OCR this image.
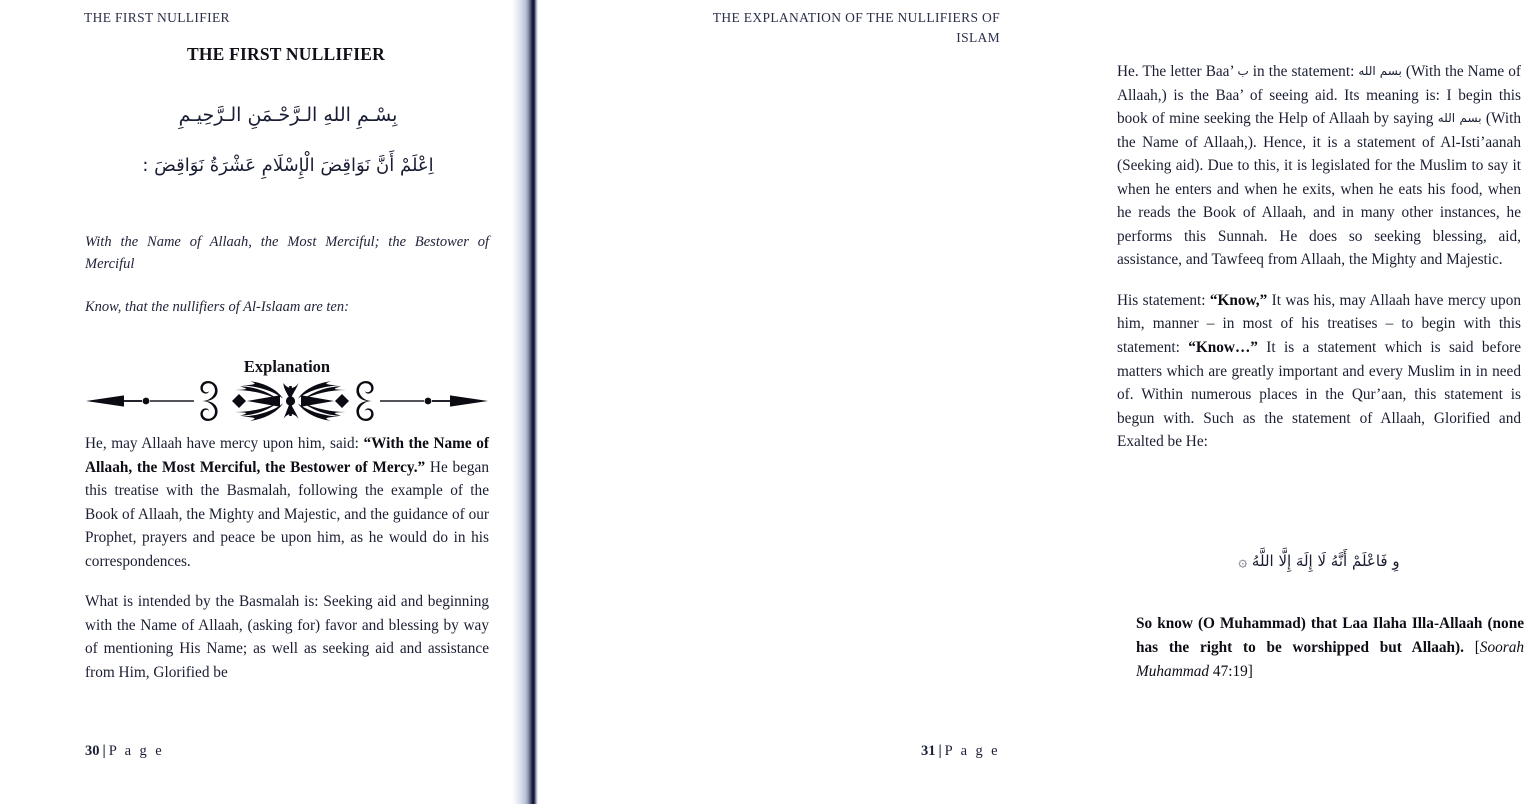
THE FIRST NULLIFIER
THE FIRST NULLIFIER
بِسْـمِ اللهِ الـرَّحْـمَنِ الـرَّحِيـمِ
اِعْلَمْ أَنَّ نَوَاقِضَ الْإِسْلَامِ عَشْرَةُ نَوَاقِضَ :
With the Name of Allaah, the Most Merciful; the Bestower of Merciful
Know, that the nullifiers of Al-Islaam are ten:
Explanation

He, may Allaah have mercy upon him, said: “With the Name of Allaah, the Most Merciful, the Bestower of Mercy.” He began this treatise with the Basmalah, following the example of the Book of Allaah, the Mighty and Majestic, and the guidance of our Prophet, prayers and peace be upon him, as he would do in his correspondences.

What is intended by the Basmalah is: Seeking aid and beginning with the Name of Allaah, (asking for) favor and blessing by way of mentioning His Name; as well as seeking aid and assistance from Him, Glorified be

30 | P a g e
THE EXPLANATION OF THE NULLIFIERS OF ISLAM

He. The letter Baa’ ب in the statement: بسم الله (With the Name of Allaah,) is the Baa’ of seeing aid. Its meaning is: I begin this book of mine seeking the Help of Allaah by saying بسم الله (With the Name of Allaah,). Hence, it is a statement of Al-Isti’aanah (Seeking aid). Due to this, it is legislated for the Muslim to say it when he enters and when he exits, when he eats his food, when he reads the Book of Allaah, and in many other instances, he performs this Sunnah. He does so seeking blessing, aid, assistance, and Tawfeeq from Allaah, the Mighty and Majestic.

His statement: “Know,” It was his, may Allaah have mercy upon him, manner – in most of his treatises – to begin with this statement: “Know…” It is a statement which is said before matters which are greatly important and every Muslim in in need of. Within numerous places in the Qur’aan, this statement is begun with. Such as the statement of Allaah, Glorified and Exalted be He:

وِ فَاعْلَمْ أَنَّهُ لَا إِلَهَ إِلَّا اللَّهُ ۞
So know (O Muhammad) that Laa Ilaha Illa-Allaah (none has the right to be worshipped but Allaah). [Soorah Muhammad 47:19]
31 | P a g e
